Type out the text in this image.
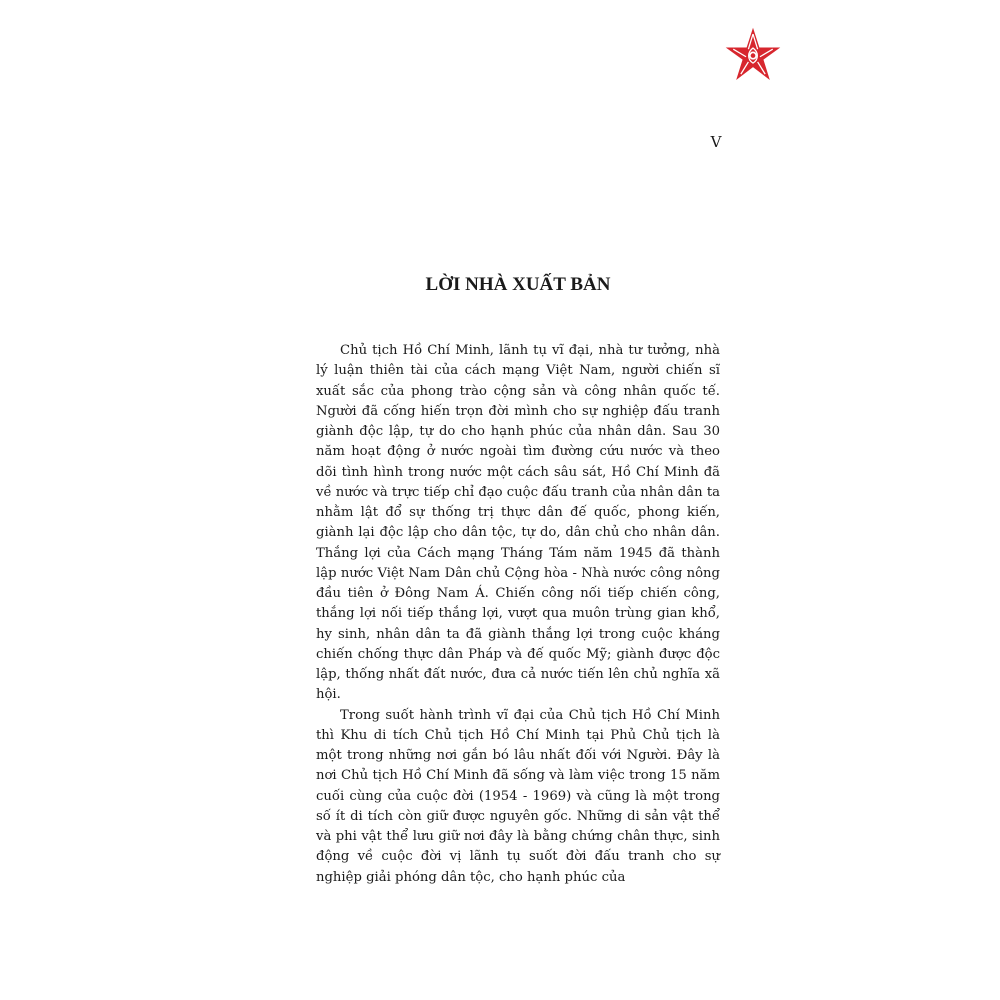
V
LỜI NHÀ XUẤT BẢN

Chủ tịch Hồ Chí Minh, lãnh tụ vĩ đại, nhà tư tưởng, nhà lý luận thiên tài của cách mạng Việt Nam, người chiến sĩ xuất sắc của phong trào cộng sản và công nhân quốc tế. Người đã cống hiến trọn đời mình cho sự nghiệp đấu tranh giành độc lập, tự do cho hạnh phúc của nhân dân. Sau 30 năm hoạt động ở nước ngoài tìm đường cứu nước và theo dõi tình hình trong nước một cách sâu sát, Hồ Chí Minh đã về nước và trực tiếp chỉ đạo cuộc đấu tranh của nhân dân ta nhằm lật đổ sự thống trị thực dân đế quốc, phong kiến, giành lại độc lập cho dân tộc, tự do, dân chủ cho nhân dân. Thắng lợi của Cách mạng Tháng Tám năm 1945 đã thành lập nước Việt Nam Dân chủ Cộng hòa - Nhà nước công nông đầu tiên ở Đông Nam Á. Chiến công nối tiếp chiến công, thắng lợi nối tiếp thắng lợi, vượt qua muôn trùng gian khổ, hy sinh, nhân dân ta đã giành thắng lợi trong cuộc kháng chiến chống thực dân Pháp và đế quốc Mỹ; giành được độc lập, thống nhất đất nước, đưa cả nước tiến lên chủ nghĩa xã hội.

Trong suốt hành trình vĩ đại của Chủ tịch Hồ Chí Minh thì Khu di tích Chủ tịch Hồ Chí Minh tại Phủ Chủ tịch là một trong những nơi gắn bó lâu nhất đối với Người. Đây là nơi Chủ tịch Hồ Chí Minh đã sống và làm việc trong 15 năm cuối cùng của cuộc đời (1954 - 1969) và cũng là một trong số ít di tích còn giữ được nguyên gốc. Những di sản vật thể và phi vật thể lưu giữ nơi đây là bằng chứng chân thực, sinh động về cuộc đời vị lãnh tụ suốt đời đấu tranh cho sự nghiệp giải phóng dân tộc, cho hạnh phúc của
